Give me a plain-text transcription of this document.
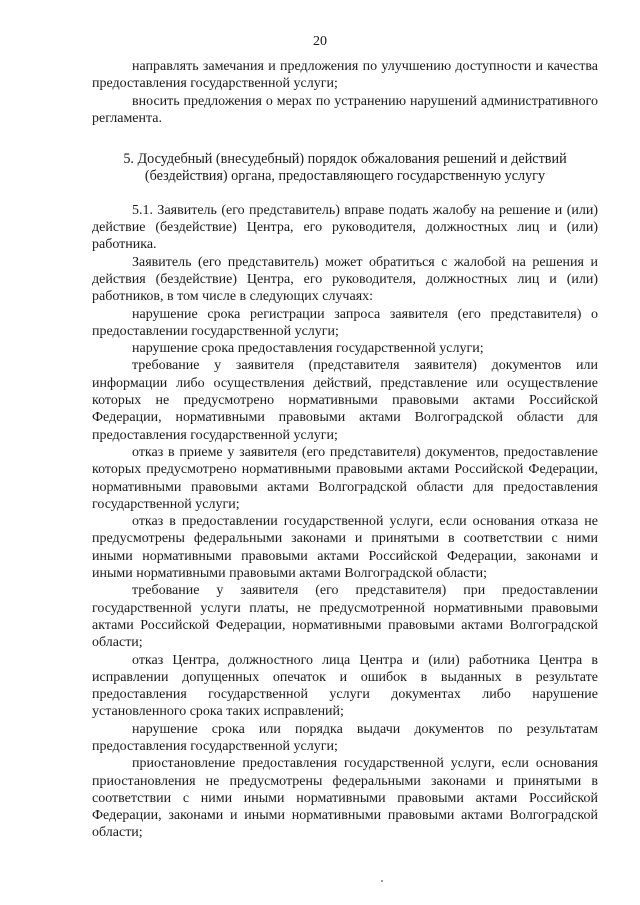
20

направлять замечания и предложения по улучшению доступности и качества предоставления государственной услуги;

вносить предложения о мерах по устранению нарушений административного регламента.

5. Досудебный (внесудебный) порядок обжалования решений и действий (бездействия) органа, предоставляющего государственную услугу

5.1. Заявитель (его представитель) вправе подать жалобу на решение и (или) действие (бездействие) Центра, его руководителя, должностных лиц и (или) работника.

Заявитель (его представитель) может обратиться с жалобой на решения и действия (бездействие) Центра, его руководителя, должностных лиц и (или) работников, в том числе в следующих случаях:

нарушение срока регистрации запроса заявителя (его представителя) о предоставлении государственной услуги;

нарушение срока предоставления государственной услуги;

требование у заявителя (представителя заявителя) документов или информации либо осуществления действий, представление или осуществление которых не предусмотрено нормативными правовыми актами Российской Федерации, нормативными правовыми актами Волгоградской области для предоставления государственной услуги;

отказ в приеме у заявителя (его представителя) документов, предоставление которых предусмотрено нормативными правовыми актами Российской Федерации, нормативными правовыми актами Волгоградской области для предоставления государственной услуги;

отказ в предоставлении государственной услуги, если основания отказа не предусмотрены федеральными законами и принятыми в соответствии с ними иными нормативными правовыми актами Российской Федерации, законами и иными нормативными правовыми актами Волгоградской области;

требование у заявителя (его представителя) при предоставлении государственной услуги платы, не предусмотренной нормативными правовыми актами Российской Федерации, нормативными правовыми актами Волгоградской области;

отказ Центра, должностного лица Центра и (или) работника Центра в исправлении допущенных опечаток и ошибок в выданных в результате предоставления государственной услуги документах либо нарушение установленного срока таких исправлений;

нарушение срока или порядка выдачи документов по результатам предоставления государственной услуги;

приостановление предоставления государственной услуги, если основания приостановления не предусмотрены федеральными законами и принятыми в соответствии с ними иными нормативными правовыми актами Российской Федерации, законами и иными нормативными правовыми актами Волгоградской области;
